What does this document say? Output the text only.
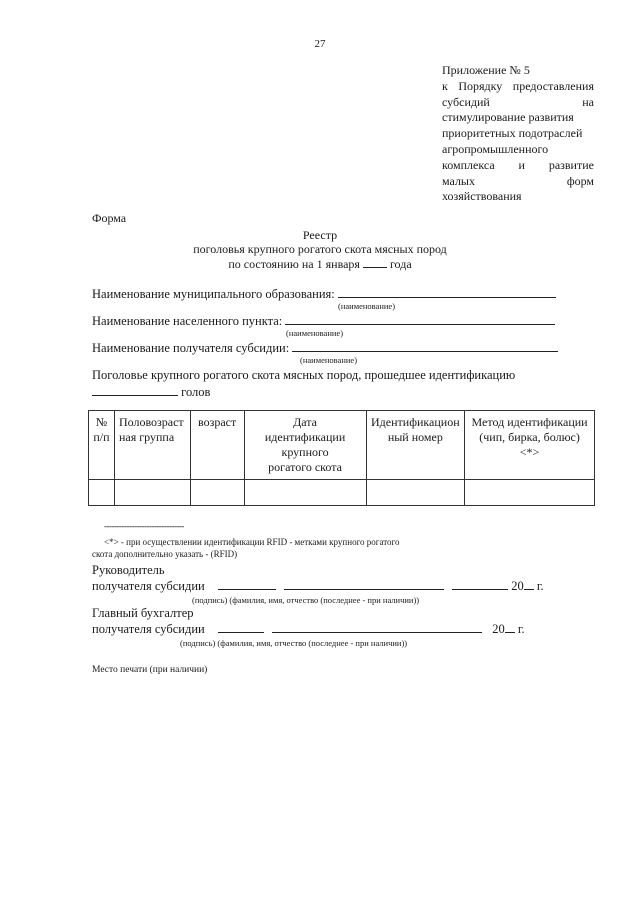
27
Приложение № 5
к Порядку предоставления
субсидий	на
стимулирование развития
приоритетных подотраслей
агропромышленного
комплекса и развитие
малых	форм
хозяйствования
Форма
Реестр
поголовья крупного рогатого скота мясных пород
по состоянию на 1 января	года
Наименование муниципального образования:
(наименование)
Наименование населенного пункта:
(наименование)
Наименование получателя субсидии:
(наименование)
Поголовье крупного рогатого скота мясных пород, прошедшее идентификацию
голов
№ п/п	Половозрастная группа	возраст	Дата идентификации крупного рогатого скота	Идентификационный номер	Метод идентификации (чип, бирка, болюс) <*>

--------------------------------
<*> - при осуществлении идентификации RFID - метками крупного рогатого
скота дополнительно указать - (RFID)
Руководитель
получателя субсидии	20 г.
(подпись) (фамилия, имя, отчество (последнее - при наличии))
Главный бухгалтер
получателя субсидии	20 г.
(подпись) (фамилия, имя, отчество (последнее - при наличии))
Место печати (при наличии)
